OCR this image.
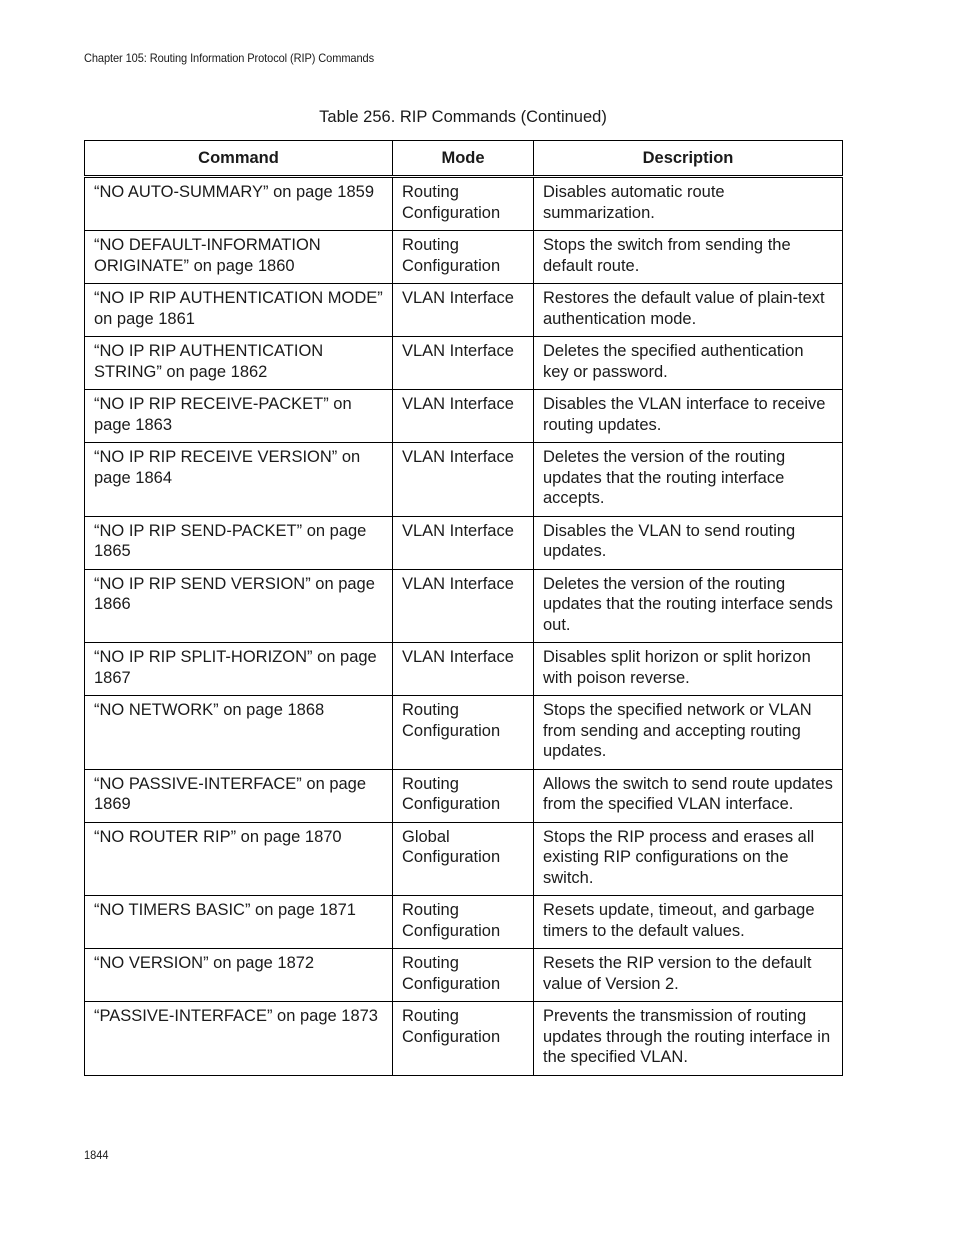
Chapter 105: Routing Information Protocol (RIP) Commands
Table 256. RIP Commands (Continued)
Command	Mode	Description
“NO AUTO-SUMMARY” on page 1859	Routing Configuration	Disables automatic route summarization.
“NO DEFAULT-INFORMATION ORIGINATE” on page 1860	Routing Configuration	Stops the switch from sending the default route.
“NO IP RIP AUTHENTICATION MODE” on page 1861	VLAN Interface	Restores the default value of plain-text authentication mode.
“NO IP RIP AUTHENTICATION STRING” on page 1862	VLAN Interface	Deletes the specified authentication key or password.
“NO IP RIP RECEIVE-PACKET” on page 1863	VLAN Interface	Disables the VLAN interface to receive routing updates.
“NO IP RIP RECEIVE VERSION” on page 1864	VLAN Interface	Deletes the version of the routing updates that the routing interface accepts.
“NO IP RIP SEND-PACKET” on page 1865	VLAN Interface	Disables the VLAN to send routing updates.
“NO IP RIP SEND VERSION” on page 1866	VLAN Interface	Deletes the version of the routing updates that the routing interface sends out.
“NO IP RIP SPLIT-HORIZON” on page 1867	VLAN Interface	Disables split horizon or split horizon with poison reverse.
“NO NETWORK” on page 1868	Routing Configuration	Stops the specified network or VLAN from sending and accepting routing updates.
“NO PASSIVE-INTERFACE” on page 1869	Routing Configuration	Allows the switch to send route updates from the specified VLAN interface.
“NO ROUTER RIP” on page 1870	Global Configuration	Stops the RIP process and erases all existing RIP configurations on the switch.
“NO TIMERS BASIC” on page 1871	Routing Configuration	Resets update, timeout, and garbage timers to the default values.
“NO VERSION” on page 1872	Routing Configuration	Resets the RIP version to the default value of Version 2.
“PASSIVE-INTERFACE” on page 1873	Routing Configuration	Prevents the transmission of routing updates through the routing interface in the specified VLAN.
1844
